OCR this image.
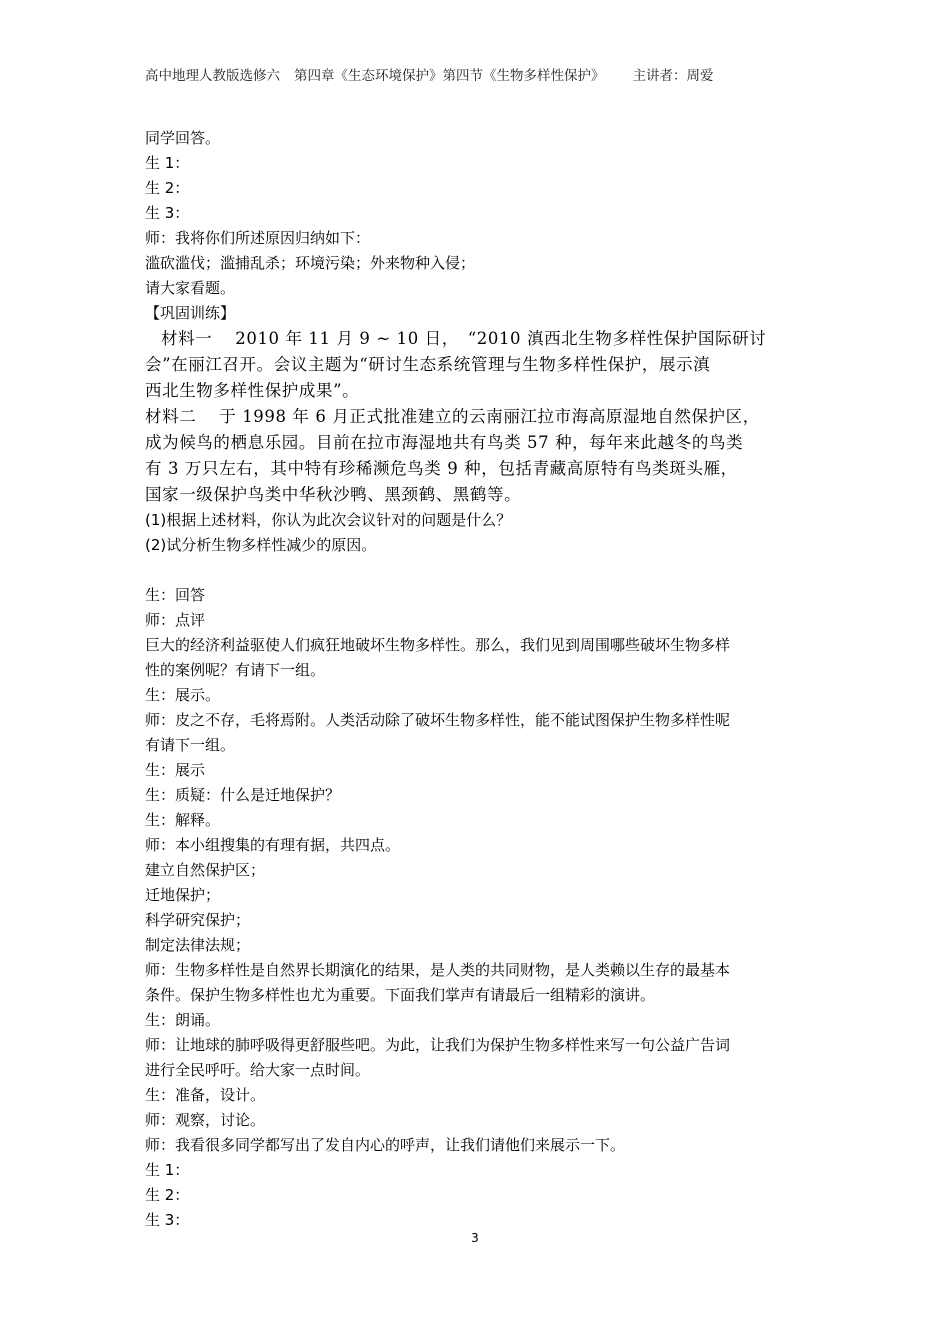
高中地理人教版选修六 第四章《生态环境保护》第四节《生物多样性保护》 主讲者：周爱
同学回答。
生 1：
生 2：
生 3：
师：我将你们所述原因归纳如下：
滥砍滥伐；滥捕乱杀；环境污染；外来物种入侵；
请大家看题。
【巩固训练】
材料一　 2010 年 11 月 9 ~ 10 日，　“2010 滇西北生物多样性保护国际研讨
会”在丽江召开。会议主题为“研讨生态系统管理与生物多样性保护，展示滇
西北生物多样性保护成果”。
材料二　 于 1998 年 6 月正式批准建立的云南丽江拉市海高原湿地自然保护区，
成为候鸟的栖息乐园。目前在拉市海湿地共有鸟类 57 种，每年来此越冬的鸟类
有 3 万只左右，其中特有珍稀濒危鸟类 9 种，包括青藏高原特有鸟类斑头雁，
国家一级保护鸟类中华秋沙鸭、黑颈鹤、黑鹤等。
(1)根据上述材料，你认为此次会议针对的问题是什么？
(2)试分析生物多样性减少的原因。
生：回答
师：点评
巨大的经济利益驱使人们疯狂地破坏生物多样性。那么，我们见到周围哪些破坏生物多样
性的案例呢？有请下一组。
生：展示。
师：皮之不存，毛将焉附。人类活动除了破坏生物多样性，能不能试图保护生物多样性呢
有请下一组。
生：展示
生：质疑：什么是迁地保护？
生：解释。
师：本小组搜集的有理有据，共四点。
建立自然保护区；
迁地保护；
科学研究保护；
制定法律法规；
师：生物多样性是自然界长期演化的结果，是人类的共同财物，是人类赖以生存的最基本
条件。保护生物多样性也尤为重要。下面我们掌声有请最后一组精彩的演讲。
生：朗诵。
师：让地球的肺呼吸得更舒服些吧。为此，让我们为保护生物多样性来写一句公益广告词
进行全民呼吁。给大家一点时间。
生：准备，设计。
师：观察，讨论。
师：我看很多同学都写出了发自内心的呼声，让我们请他们来展示一下。
生 1：
生 2：
生 3：
3
